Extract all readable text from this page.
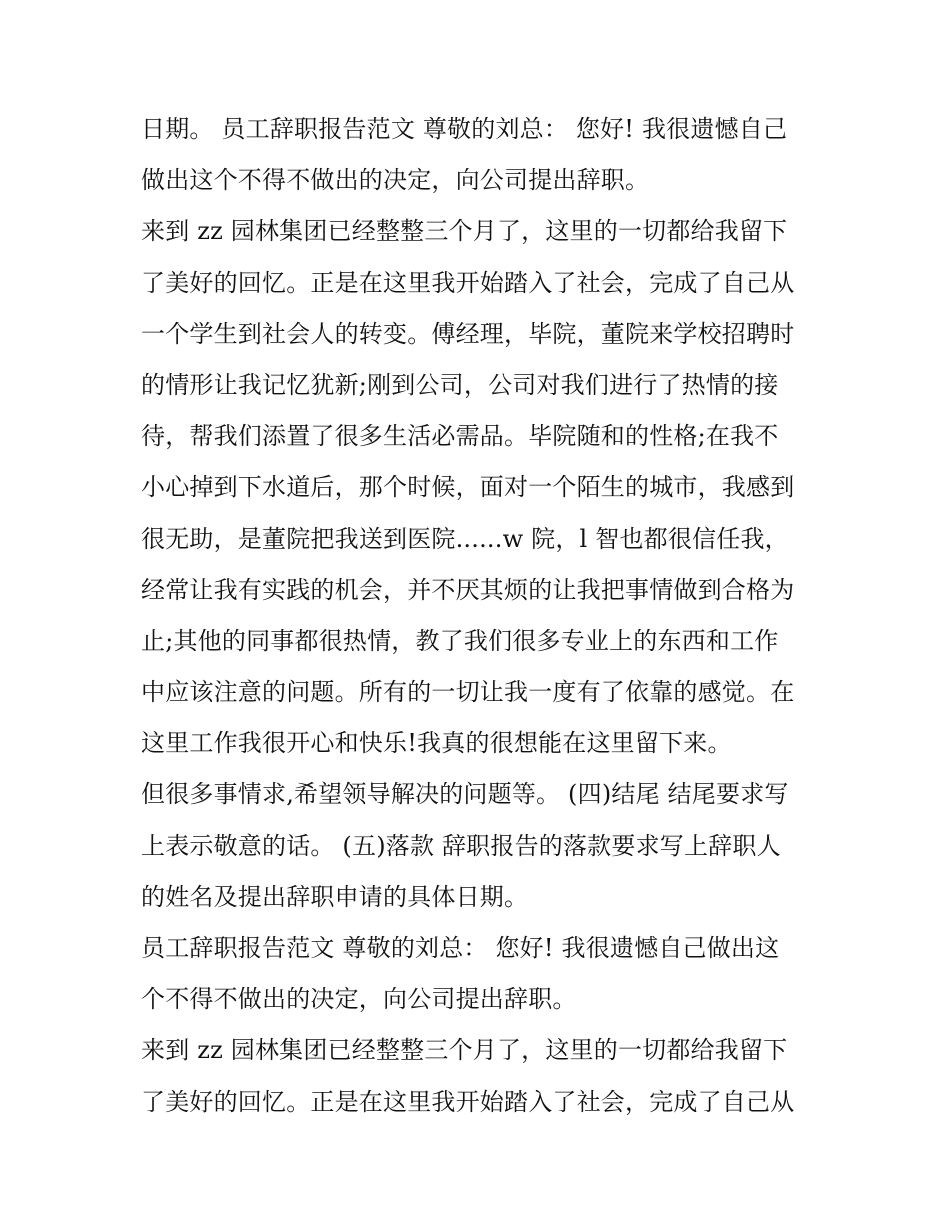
日期。 员工辞职报告范文 尊敬的刘总： 您好! 我很遗憾自己
做出这个不得不做出的决定，向公司提出辞职。
来到 zz 园林集团已经整整三个月了，这里的一切都给我留下
了美好的回忆。正是在这里我开始踏入了社会，完成了自己从
一个学生到社会人的转变。傅经理，毕院，董院来学校招聘时
的情形让我记忆犹新;刚到公司，公司对我们进行了热情的接
待，帮我们添置了很多生活必需品。毕院随和的性格;在我不
小心掉到下水道后，那个时候，面对一个陌生的城市，我感到
很无助，是董院把我送到医院......w 院，l 智也都很信任我，
经常让我有实践的机会，并不厌其烦的让我把事情做到合格为
止;其他的同事都很热情，教了我们很多专业上的东西和工作
中应该注意的问题。所有的一切让我一度有了依靠的感觉。在
这里工作我很开心和快乐!我真的很想能在这里留下来。
但很多事情求,希望领导解决的问题等。 (四)结尾 结尾要求写
上表示敬意的话。 (五)落款 辞职报告的落款要求写上辞职人
的姓名及提出辞职申请的具体日期。
员工辞职报告范文 尊敬的刘总： 您好! 我很遗憾自己做出这
个不得不做出的决定，向公司提出辞职。
来到 zz 园林集团已经整整三个月了，这里的一切都给我留下
了美好的回忆。正是在这里我开始踏入了社会，完成了自己从
